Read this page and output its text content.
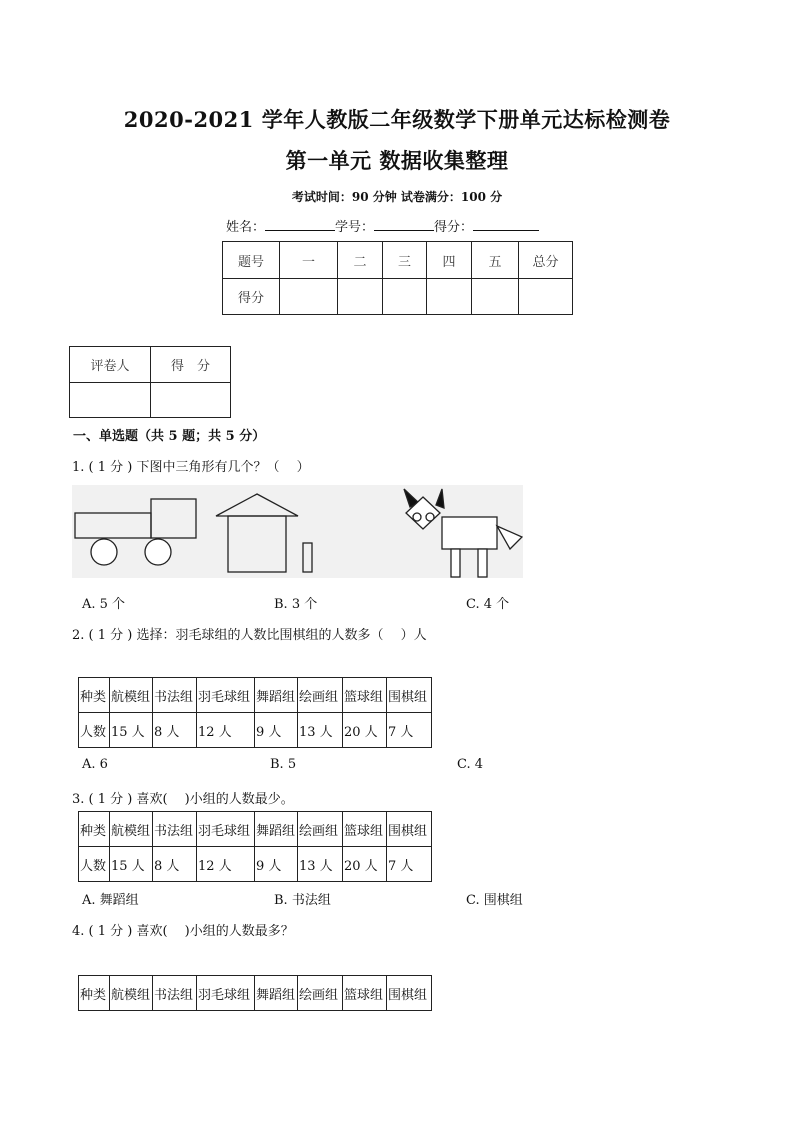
2020-2021 学年人教版二年级数学下册单元达标检测卷
第一单元 数据收集整理
考试时间：90 分钟 试卷满分：100 分
姓名：	学号：	得分：
题号	一	二	三	四	五	总分
得分						
评卷人	得　分

一、单选题（共 5 题；共 5 分）
1. ( 1 分 ) 下图中三角形有几个？（　 ）
A. 5 个	B. 3 个	C. 4 个
2. ( 1 分 ) 选择：羽毛球组的人数比围棋组的人数多（　 ）人
种类	航模组	书法组	羽毛球组	舞蹈组	绘画组	篮球组	围棋组
人数	15 人	8 人	12 人	9 人	13 人	20 人	7 人
A. 6	B. 5	C. 4
3. ( 1 分 ) 喜欢(　 )小组的人数最少。
种类	航模组	书法组	羽毛球组	舞蹈组	绘画组	篮球组	围棋组
人数	15 人	8 人	12 人	9 人	13 人	20 人	7 人
A. 舞蹈组	B. 书法组	C. 围棋组
4. ( 1 分 ) 喜欢(　 )小组的人数最多？
种类	航模组	书法组	羽毛球组	舞蹈组	绘画组	篮球组	围棋组
